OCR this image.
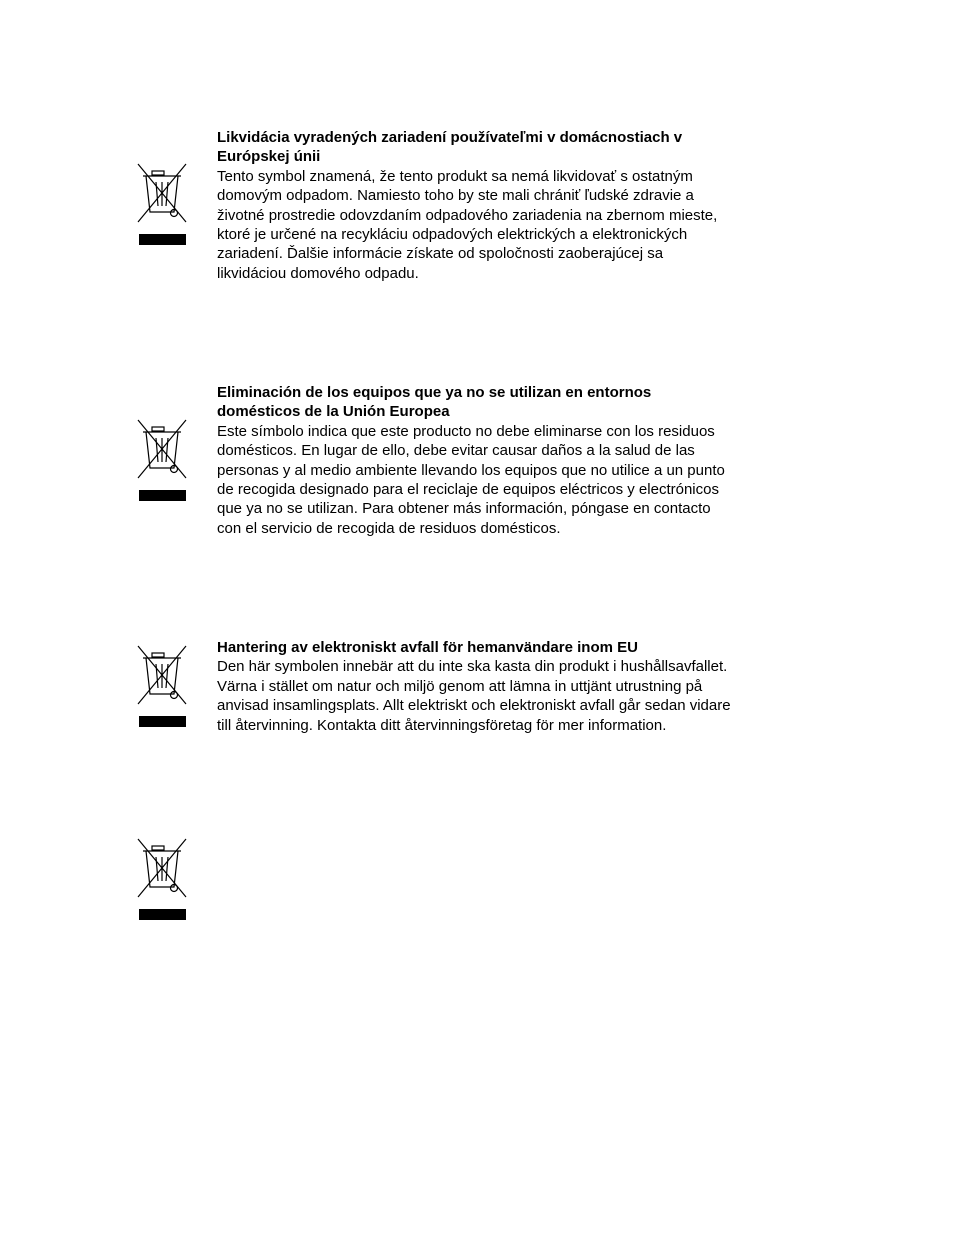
Likvidácia vyradených zariadení používateľmi v domácnostiach v

Európskej únii

Tento symbol znamená, že tento produkt sa nemá likvidovať s ostatným

domovým odpadom. Namiesto toho by ste mali chrániť ľudské zdravie a

životné prostredie odovzdaním odpadového zariadenia na zbernom mieste,

ktoré je určené na recykláciu odpadových elektrických a elektronických

zariadení. Ďalšie informácie získate od spoločnosti zaoberajúcej sa

likvidáciou domového odpadu.

Eliminación de los equipos que ya no se utilizan en entornos

domésticos de la Unión Europea

Este símbolo indica que este producto no debe eliminarse con los residuos

domésticos. En lugar de ello, debe evitar causar daños a la salud de las

personas y al medio ambiente llevando los equipos que no utilice a un punto

de recogida designado para el reciclaje de equipos eléctricos y electrónicos

que ya no se utilizan. Para obtener más información, póngase en contacto

con el servicio de recogida de residuos domésticos.

Hantering av elektroniskt avfall för hemanvändare inom EU

Den här symbolen innebär att du inte ska kasta din produkt i hushållsavfallet.

Värna i stället om natur och miljö genom att lämna in uttjänt utrustning på

anvisad insamlingsplats. Allt elektriskt och elektroniskt avfall går sedan vidare

till återvinning. Kontakta ditt återvinningsföretag för mer information.
